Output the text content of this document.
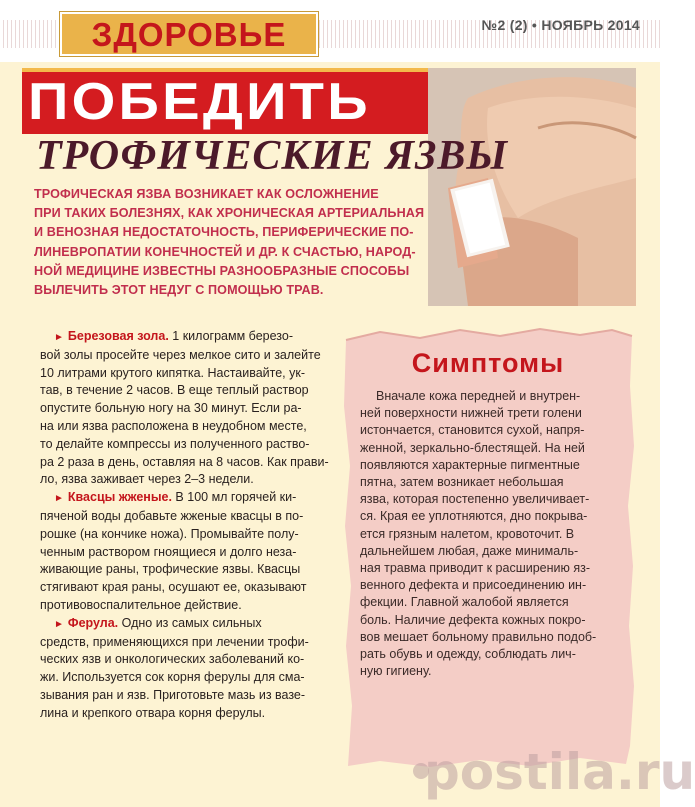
ЗДОРОВЬЕ	№2 (2) • НОЯБРЬ 2014
ПОБЕДИТЬ
ТРОФИЧЕСКИЕ ЯЗВЫ
ТРОФИЧЕСКАЯ ЯЗВА ВОЗНИКАЕТ КАК ОСЛОЖНЕНИЕ
ПРИ ТАКИХ БОЛЕЗНЯХ, КАК ХРОНИЧЕСКАЯ АРТЕРИАЛЬНАЯ
И ВЕНОЗНАЯ НЕДОСТАТОЧНОСТЬ, ПЕРИФЕРИЧЕСКИЕ ПО-
ЛИНЕВРОПАТИИ КОНЕЧНОСТЕЙ И ДР. К СЧАСТЬЮ, НАРОД-
НОЙ МЕДИЦИНЕ ИЗВЕСТНЫ РАЗНООБРАЗНЫЕ СПОСОБЫ
ВЫЛЕЧИТЬ ЭТОТ НЕДУГ С ПОМОЩЬЮ ТРАВ.
► Березовая зола. 1 килограмм березо-
вой золы просейте через мелкое сито и залейте
10 литрами крутого кипятка. Настаивайте, ук-
тав, в течение 2 часов. В еще теплый раствор
опустите больную ногу на 30 минут. Если ра-
на или язва расположена в неудобном месте,
то делайте компрессы из полученного раство-
ра 2 раза в день, оставляя на 8 часов. Как прави-
ло, язва заживает через 2–3 недели.
► Квасцы жженые. В 100 мл горячей ки-
пяченой воды добавьте жженые квасцы в по-
рошке (на кончике ножа). Промывайте полу-
ченным раствором гноящиеся и долго неза-
живающие раны, трофические язвы. Квасцы
стягивают края раны, осушают ее, оказывают
противовоспалительное действие.
► Ферула. Одно из самых сильных
средств, применяющихся при лечении трофи-
ческих язв и онкологических заболеваний ко-
жи. Используется сок корня ферулы для сма-
зывания ран и язв. Приготовьте мазь из вазе-
лина и крепкого отвара корня ферулы.
Симптомы
Вначале кожа передней и внутрен-
ней поверхности нижней трети голени
истончается, становится сухой, напря-
женной, зеркально-блестящей. На ней
появляются характерные пигментные
пятна, затем возникает небольшая
язва, которая постепенно увеличивает-
ся. Края ее уплотняются, дно покрыва-
ется грязным налетом, кровоточит. В
дальнейшем любая, даже минималь-
ная травма приводит к расширению яз-
венного дефекта и присоединению ин-
фекции. Главной жалобой является
боль. Наличие дефекта кожных покро-
вов мешает больному правильно подоб-
рать обувь и одежду, соблюдать лич-
ную гигиену.
postila.ru
